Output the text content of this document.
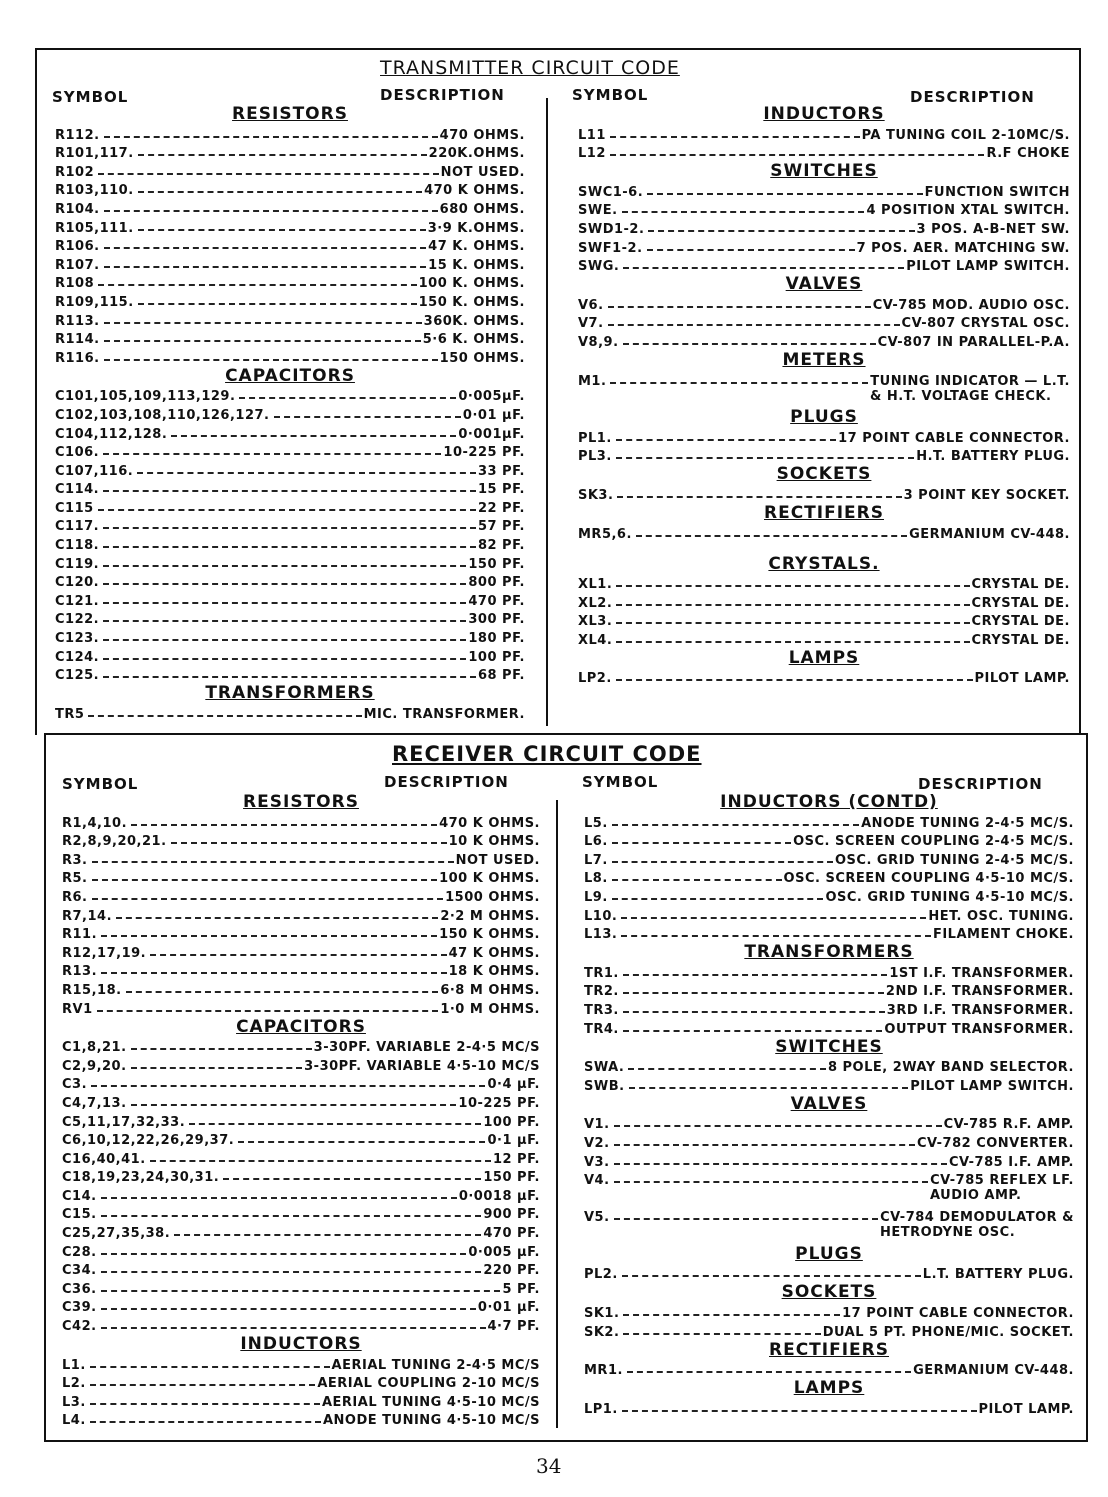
TRANSMITTER CIRCUIT CODE
SYMBOL	DESCRIPTION	SYMBOL	DESCRIPTION
RESISTORS
R112.	470 OHMS.
R101,117.	220K.OHMS.
R102	NOT USED.
R103,110.	470 K OHMS.
R104.	680 OHMS.
R105,111.	3·9 K.OHMS.
R106.	47 K. OHMS.
R107.	15 K. OHMS.
R108	100 K. OHMS.
R109,115.	150 K. OHMS.
R113.	360K. OHMS.
R114.	5·6 K. OHMS.
R116.	150 OHMS.
CAPACITORS
C101,105,109,113,129.	0·005µF.
C102,103,108,110,126,127.	0·01 µF.
C104,112,128.	0·001µF.
C106.	10-225 PF.
C107,116.	33 PF.
C114.	15 PF.
C115	22 PF.
C117.	57 PF.
C118.	82 PF.
C119.	150 PF.
C120.	800 PF.
C121.	470 PF.
C122.	300 PF.
C123.	180 PF.
C124.	100 PF.
C125.	68 PF.
TRANSFORMERS
TR5	MIC. TRANSFORMER.
INDUCTORS
L11	PA TUNING COIL 2-10MC/S.
L12	R.F CHOKE
SWITCHES
SWC1-6.	FUNCTION SWITCH
SWE.	4 POSITION XTAL SWITCH.
SWD1-2.	3 POS. A-B-NET SW.
SWF1-2.	7 POS. AER. MATCHING SW.
SWG.	PILOT LAMP SWITCH.
VALVES
V6.	CV-785 MOD. AUDIO OSC.
V7.	CV-807 CRYSTAL OSC.
V8,9.	CV-807 IN PARALLEL-P.A.
METERS
M1.	TUNING INDICATOR — L.T.
& H.T. VOLTAGE CHECK.
PLUGS
PL1.	17 POINT CABLE CONNECTOR.
PL3.	H.T. BATTERY PLUG.
SOCKETS
SK3.	3 POINT KEY SOCKET.
RECTIFIERS
MR5,6.	GERMANIUM CV-448.
CRYSTALS.
XL1.	CRYSTAL DE.
XL2.	CRYSTAL DE.
XL3.	CRYSTAL DE.
XL4.	CRYSTAL DE.
LAMPS
LP2.	PILOT LAMP.
RECEIVER CIRCUIT CODE
SYMBOL	DESCRIPTION	SYMBOL	DESCRIPTION
RESISTORS
R1,4,10.	470 K OHMS.
R2,8,9,20,21.	10 K OHMS.
R3.	NOT USED.
R5.	100 K OHMS.
R6.	1500 OHMS.
R7,14.	2·2 M OHMS.
R11.	150 K OHMS.
R12,17,19.	47 K OHMS.
R13.	18 K OHMS.
R15,18.	6·8 M OHMS.
RV1	1·0 M OHMS.
CAPACITORS
C1,8,21.	3-30PF. VARIABLE 2-4·5 MC/S
C2,9,20.	3-30PF. VARIABLE 4·5-10 MC/S
C3.	0·4 µF.
C4,7,13.	10-225 PF.
C5,11,17,32,33.	100 PF.
C6,10,12,22,26,29,37.	0·1 µF.
C16,40,41.	12 PF.
C18,19,23,24,30,31.	150 PF.
C14.	0·0018 µF.
C15.	900 PF.
C25,27,35,38.	470 PF.
C28.	0·005 µF.
C34.	220 PF.
C36.	5 PF.
C39.	0·01 µF.
C42.	4·7 PF.
INDUCTORS
L1.	AERIAL TUNING 2-4·5 MC/S
L2.	AERIAL COUPLING 2-10 MC/S
L3.	AERIAL TUNING 4·5-10 MC/S
L4.	ANODE TUNING 4·5-10 MC/S
INDUCTORS (CONTD)
L5.	ANODE TUNING 2-4·5 MC/S.
L6.	OSC. SCREEN COUPLING 2-4·5 MC/S.
L7.	OSC. GRID TUNING 2-4·5 MC/S.
L8.	OSC. SCREEN COUPLING 4·5-10 MC/S.
L9.	OSC. GRID TUNING 4·5-10 MC/S.
L10.	HET. OSC. TUNING.
L13.	FILAMENT CHOKE.
TRANSFORMERS
TR1.	1ST I.F. TRANSFORMER.
TR2.	2ND I.F. TRANSFORMER.
TR3.	3RD I.F. TRANSFORMER.
TR4.	OUTPUT TRANSFORMER.
SWITCHES
SWA.	8 POLE, 2WAY BAND SELECTOR.
SWB.	PILOT LAMP SWITCH.
VALVES
V1.	CV-785 R.F. AMP.
V2.	CV-782 CONVERTER.
V3.	CV-785 I.F. AMP.
V4.	CV-785 REFLEX LF.
AUDIO AMP.
V5.	CV-784 DEMODULATOR &
HETRODYNE OSC.
PLUGS
PL2.	L.T. BATTERY PLUG.
SOCKETS
SK1.	17 POINT CABLE CONNECTOR.
SK2.	DUAL 5 PT. PHONE/MIC. SOCKET.
RECTIFIERS
MR1.	GERMANIUM CV-448.
LAMPS
LP1.	PILOT LAMP.
34
